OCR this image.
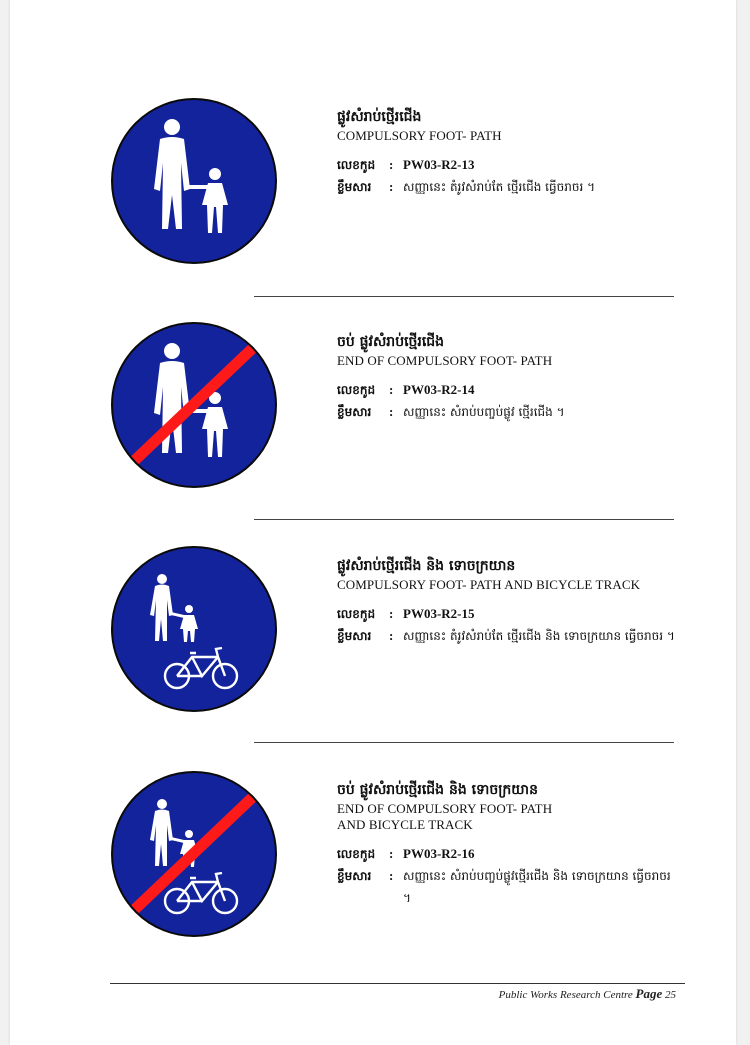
ផ្លូវសំរាប់ថ្មើរជើង

COMPULSORY FOOT- PATH

លេខកូដ	: PW03-R2-13
ខ្លឹមសារ	: សញ្ញានេះ តំរូវសំរាប់តែ ថ្មើរជើង ធ្វើចរាចរ ។

ចប់ ផ្លូវសំរាប់ថ្មើរជើង

END OF COMPULSORY FOOT- PATH

លេខកូដ	: PW03-R2-14
ខ្លឹមសារ	: សញ្ញានេះ សំរាប់បញ្ចប់ផ្លូវ ថ្មើរជើង ។

ផ្លូវសំរាប់ថ្មើរជើង និង ទោចក្រយាន

COMPULSORY FOOT- PATH AND BICYCLE TRACK

លេខកូដ	: PW03-R2-15
ខ្លឹមសារ	: សញ្ញានេះ តំរូវសំរាប់តែ ថ្មើរជើង និង ទោចក្រយាន ធ្វើចរាចរ ។

ចប់ ផ្លូវសំរាប់ថ្មើរជើង និង ទោចក្រយាន

END OF COMPULSORY FOOT- PATH

AND BICYCLE TRACK

លេខកូដ	: PW03-R2-16
ខ្លឹមសារ	: សញ្ញានេះ សំរាប់បញ្ចប់ផ្លូវថ្មើរជើង និង ទោចក្រយាន ធ្វើចរាចរ ។
Public Works Research Centre Page 25
